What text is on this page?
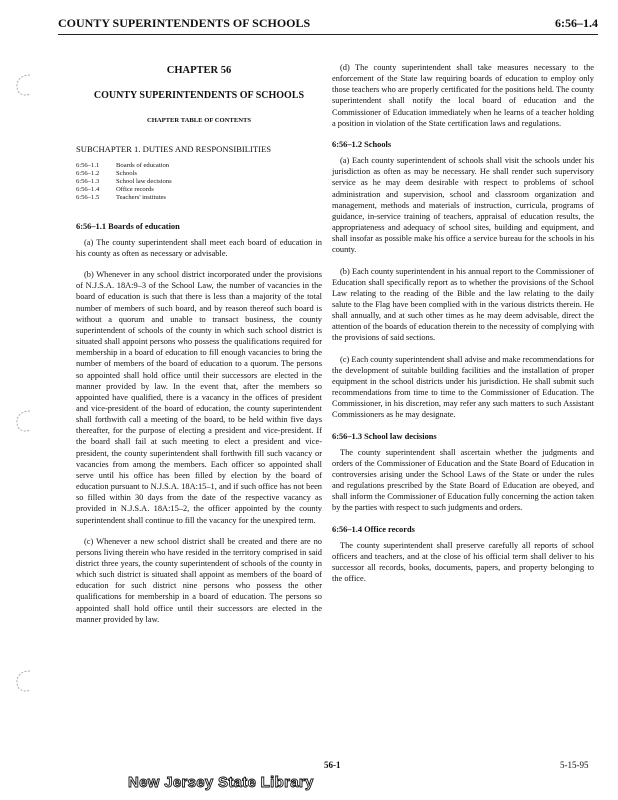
COUNTY SUPERINTENDENTS OF SCHOOLS	6:56–1.4
CHAPTER 56
COUNTY SUPERINTENDENTS OF SCHOOLS
CHAPTER TABLE OF CONTENTS
SUBCHAPTER 1. DUTIES AND RESPONSIBILITIES
6:56–1.1	Boards of education
6:56–1.2	Schools
6:56–1.3	School law decisions
6:56–1.4	Office records
6:56–1.5	Teachers' institutes
6:56–1.1 Boards of education

(a) The county superintendent shall meet each board of education in his county as often as necessary or advisable.

(b) Whenever in any school district incorporated under the provisions of N.J.S.A. 18A:9–3 of the School Law, the number of vacancies in the board of education is such that there is less than a majority of the total number of members of such board, and by reason thereof such board is without a quorum and unable to transact business, the county superintendent of schools of the county in which such school district is situated shall appoint persons who possess the qualifications required for membership in a board of education to fill enough vacancies to bring the number of members of the board of education to a quorum. The persons so appointed shall hold office until their successors are elected in the manner provided by law. In the event that, after the members so appointed have qualified, there is a vacancy in the offices of president and vice-president of the board of education, the county superintendent shall forthwith call a meeting of the board, to be held within five days thereafter, for the purpose of electing a president and vice-president. If the board shall fail at such meeting to elect a president and vice-president, the county superintendent shall forthwith fill such vacancy or vacancies from among the members. Each officer so appointed shall serve until his office has been filled by election by the board of education pursuant to N.J.S.A. 18A:15–1, and if such office has not been so filled within 30 days from the date of the respective vacancy as provided in N.J.S.A. 18A:15–2, the officer appointed by the county superintendent shall continue to fill the vacancy for the unexpired term.

(c) Whenever a new school district shall be created and there are no persons living therein who have resided in the territory comprised in said district three years, the county superintendent of schools of the county in which such district is situated shall appoint as members of the board of education for such district nine persons who possess the other qualifications for membership in a board of education. The persons so appointed shall hold office until their successors are elected in the manner provided by law.

(d) The county superintendent shall take measures necessary to the enforcement of the State law requiring boards of education to employ only those teachers who are properly certificated for the positions held. The county superintendent shall notify the local board of education and the Commissioner of Education immediately when he learns of a teacher holding a position in violation of the State certification laws and regulations.

6:56–1.2 Schools

(a) Each county superintendent of schools shall visit the schools under his jurisdiction as often as may be necessary. He shall render such supervisory service as he may deem desirable with respect to problems of school administration and supervision, school and classroom organization and management, methods and materials of instruction, curricula, programs of guidance, in-service training of teachers, appraisal of education results, the appropriateness and adequacy of school sites, building and equipment, and shall insofar as possible make his office a service bureau for the schools in his county.

(b) Each county superintendent in his annual report to the Commissioner of Education shall specifically report as to whether the provisions of the School Law relating to the reading of the Bible and the law relating to the daily salute to the Flag have been complied with in the various districts therein. He shall annually, and at such other times as he may deem advisable, direct the attention of the boards of education therein to the necessity of complying with the provisions of said sections.

(c) Each county superintendent shall advise and make recommendations for the development of suitable building facilities and the installation of proper equipment in the school districts under his jurisdiction. He shall submit such recommendations from time to time to the Commissioner of Education. The Commissioner, in his discretion, may refer any such matters to such Assistant Commissioners as he may designate.

6:56–1.3 School law decisions

The county superintendent shall ascertain whether the judgments and orders of the Commissioner of Education and the State Board of Education in controversies arising under the School Laws of the State or under the rules and regulations prescribed by the State Board of Education are obeyed, and shall inform the Commissioner of Education fully concerning the action taken by the parties with respect to such judgments and orders.

6:56–1.4 Office records

The county superintendent shall preserve carefully all reports of school officers and teachers, and at the close of his official term shall deliver to his successor all records, books, documents, papers, and property belonging to the office.

56-1	5-15-95
New Jersey State Library
